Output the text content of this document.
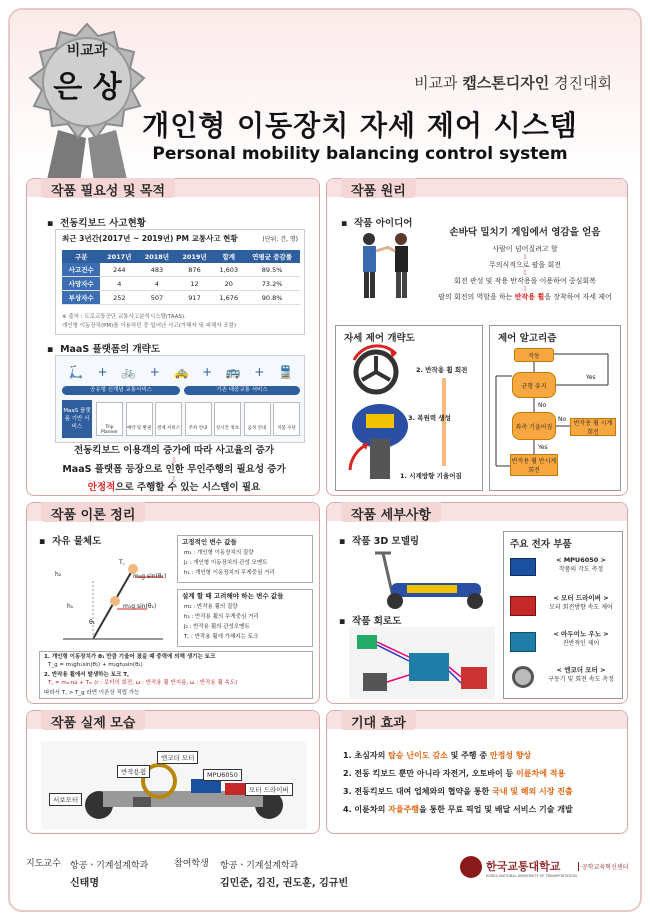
비교과
은 상	비교과 캡스톤디자인 경진대회
개인형 이동장치 자세 제어 시스템
Personal mobility balancing control system
작품 필요성 및 목적
▪  전동킥보드 사고현황
최근 3년간(2017년 ~ 2019년) PM 교통사고 현황	(단위: 건, 명)
구분	2017년	2018년	2019년	합계	연평균 증감률
사고건수	244	483	876	1,603	89.5%
사망자수	4	4	12	20	73.2%
부상자수	252	507	917	1,676	90.8%
※ 출처 : 도로교통공단 교통사고분석시스템(TAAS).
개인형 이동장치(PM)를 이용하던 중 일어난 사고(가해자 및 피해자 포함)
▪  MaaS 플랫폼의 개략도
🛴 + 🚲 + 🚕 + 🚌 + 🚆
공유형 신개념 교통서비스	기존 대중교통 서비스
MaaS 플랫폼 기반 서비스	Trip Planner
예약 및 발권	결제 서비스	주차 안내	실시간 정보	음성 안내	지불 수단
전동킥보드 이용객의 증가에 따라 사고율의 증가
⇩
MaaS 플랫폼 등장으로 인한 무인주행의 필요성 증가
⇩
안정적으로 주행할 수 있는 시스템이 필요
작품 원리
▪  작품 아이디어
손바닥 밀치기 게임에서 영감을 얻음
사람이 넘어질려고 할
⇩
무의식적으로 팔을 회전
⇩
회전 관성 및 작용 반작용을 이용하여 중심회복
⇩
팔의 회전의 역할을 하는 반작용 휠을 장착하여 자세 제어
자세 제어 개략도
2. 반작용 휠 회전
3. 복원력 생성
1. 시계방향 기울어짐
제어 알고리즘
작동
균형 유지
Yes
No
좌측 기울어짐
No
Yes
반작용 휠 시계 회전
반작용 휠 반시계 회전
작품 이론 정리
▪  자유 물체도
m₂g sin(θ₁)
m₁g sin(θ₁)
h₂
h₁
θ₁
T꜀
고정적인 변수 값들
m₁ : 개인형 이동장치의 질량
J₁ : 개인형 이동장치의 관성 모멘트
h₁ : 개인형 이동장치의 무게중심 거리
설계 할 때 고려해야 하는 변수 값들
m₂ : 반작용 휠의 질량
h₂ : 반작용 휠의 무게중심 거리
J₂ : 반작용 휠의 관성모멘트
T꜀ : 반작용 휠에 가해지는 토크
1. 개인형 이동장치가 θ₁ 만큼 기울어 졌을 때 중력에 의해 생기는 토크
T_g = m₁gh₁sin(θ₁) + m₂gh₂sin(θ₁)
2. 반작용 휠에서 발생하는 토크 T꜀
T꜀ = mₐ·rω̇ + Tₘ (r : 로터의 회전, ω : 반작용 휠 반지름, ω : 반작용 휠 속도)
따라서 T꜀ > T_g 라면 이론상 직립 가능
작품 세부사항
▪  작품 3D 모델링
▪  작품 회로도
주요 전자 부품
< MPU6050 >
작품의 각도 측정
< 모터 드라이버 >
모터 회전방향 속도 제어
< 아두이노 우노 >
전반적인 제어
< 엔코더 모터 >
구동기 및 회전 속도 측정
작품 실제 모습
엔코더 모터
반작용휠	MPU6050
모터 드라이버
서보모터
기대 효과
1. 초심자의 탑승 난이도 감소 및 주행 중 안정성 향상
2. 전동 킥보드 뿐만 아니라 자전거, 오토바이 등 이륜차에 적용
3. 전동킥보드 대여 업체와의 협약을 통한 국내 및 해외 시장 진출
4. 이륜차의 자율주행을 통한 무료 픽업 및 배달 서비스 기술 개발
지도교수 항공ㆍ기계설계학과
신태명
참여학생 항공ㆍ기계설계학과
김민준, 김진, 권도훈, 김규빈
한국교통대학교
KOREA NATIONAL UNIVERSITY OF TRANSPORTATION
공학교육혁신센터
